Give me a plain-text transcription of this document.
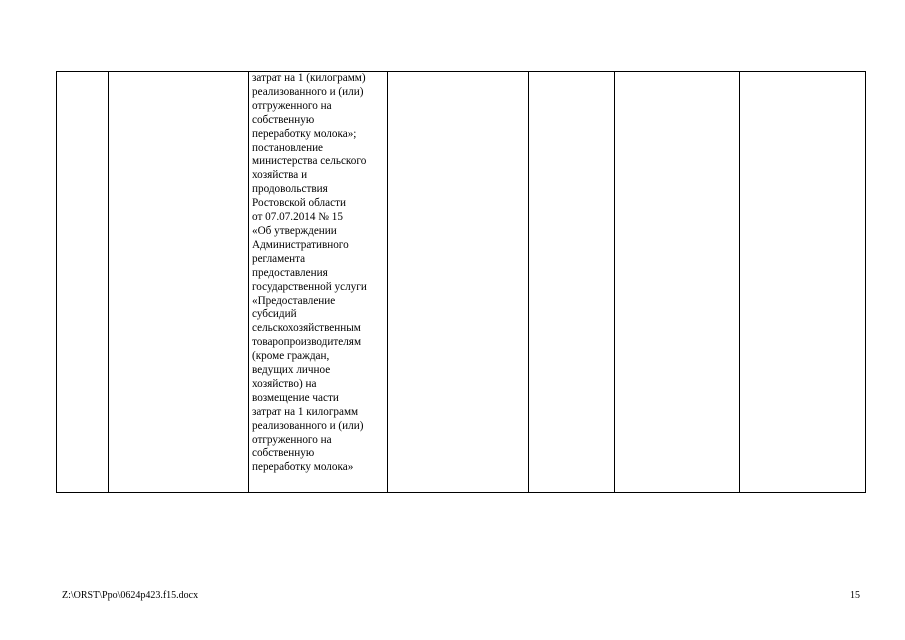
затрат на 1 (килограмм)
реализованного и (или)
отгруженного на
собственную
переработку молока»;
постановление
министерства сельского
хозяйства и
продовольствия
Ростовской области
от 07.07.2014 № 15
«Об утверждении
Административного
регламента
предоставления
государственной услуги
«Предоставление
субсидий
сельскохозяйственным
товаропроизводителям
(кроме граждан,
ведущих личное
хозяйство) на
возмещение части
затрат на 1 килограмм
реализованного и (или)
отгруженного на
собственную
переработку молока»

Z:\ORST\Ppo\0624p423.f15.docx	15
